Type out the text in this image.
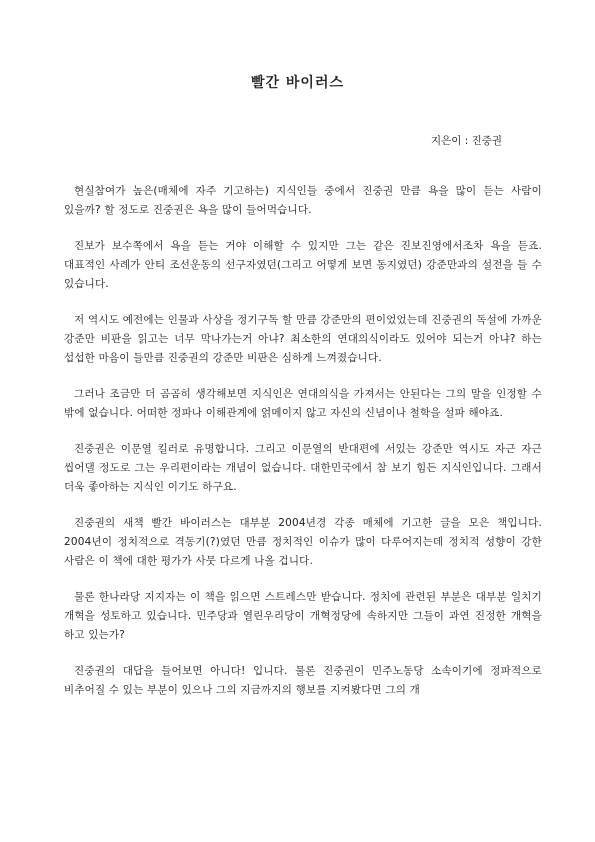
빨간 바이러스
지은이 : 진중권

현실참여가 높은(매체에 자주 기고하는) 지식인들 중에서 진중권 만큼 욕을 많이 듣는 사람이 있을까? 할 정도로 진중권은 욕을 많이 들어먹습니다.

진보가 보수쪽에서 욕을 듣는 거야 이해할 수 있지만 그는 같은 진보진영에서조차 욕을 듣죠. 대표적인 사례가 안티 조선운동의 선구자였던(그리고 어떻게 보면 동지였던) 강준만과의 설전을 들 수 있습니다.

저 역시도 예전에는 인물과 사상을 정기구독 할 만큼 강준만의 편이었었는데 진중권의 독설에 가까운 강준만 비판을 읽고는 너무 막나가는거 아냐? 최소한의 연대의식이라도 있어야 되는거 아냐? 하는 섭섭한 마음이 들만큼 진중권의 강준만 비판은 심하게 느껴졌습니다.

그러나 조금만 더 곰곰히 생각해보면 지식인은 연대의식을 가져서는 안된다는 그의 말을 인정할 수 밖에 없습니다. 어떠한 정파나 이해관계에 얽메이지 않고 자신의 신념이나 철학을 설파 해야죠.

진중권은 이문열 킬러로 유명합니다. 그리고 이문열의 반대편에 서있는 강준만 역시도 자근 자근 씹어댈 정도로 그는 우리편이라는 개념이 없습니다. 대한민국에서 참 보기 힘든 지식인입니다. 그래서 더욱 좋아하는 지식인 이기도 하구요.

진중권의 새책 빨간 바이러스는 대부분 2004년경 각종 매체에 기고한 글을 모은 책입니다. 2004년이 정치적으로 격동기(?)였던 만큼 정치적인 이슈가 많이 다루어지는데 정치적 성향이 강한 사람은 이 책에 대한 평가가 사뭇 다르게 나올 겁니다.

물론 한나라당 지지자는 이 책을 읽으면 스트레스만 받습니다. 정치에 관련된 부분은 대부분 일치기 개혁을 성토하고 있습니다. 민주당과 열린우리당이 개혁정당에 속하지만 그들이 과연 진정한 개혁을 하고 있는가?

진중권의 대답을 들어보면 아니다! 입니다. 물론 진중권이 민주노동당 소속이기에 정파적으로 비추어질 수 있는 부분이 있으나 그의 지금까지의 행보를 지켜봤다면 그의 개
